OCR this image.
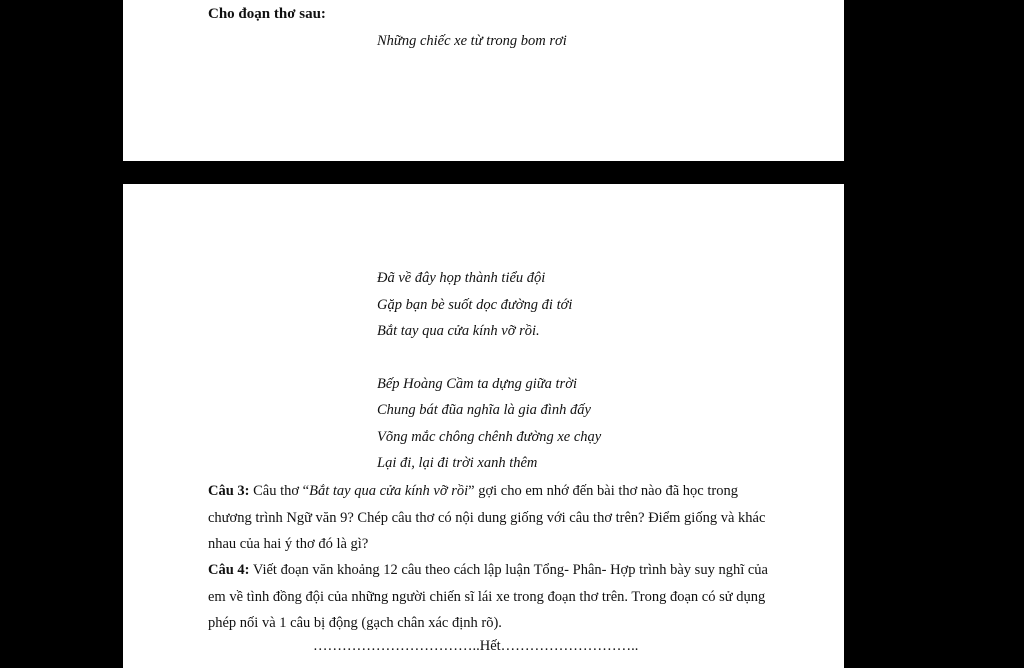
Cho đoạn thơ sau:

Những chiếc xe từ trong bom rơi

Đã về đây họp thành tiểu đội

Gặp bạn bè suốt dọc đường đi tới

Bắt tay qua cửa kính vỡ rồi.

Bếp Hoàng Cầm ta dựng giữa trời

Chung bát đũa nghĩa là gia đình đấy

Võng mắc chông chênh đường xe chạy

Lại đi, lại đi trời xanh thêm

Câu 3: Câu thơ “Bắt tay qua cửa kính vỡ rồi” gợi cho em nhớ đến bài thơ nào đã học trong chương trình Ngữ văn 9? Chép câu thơ có nội dung giống với câu thơ trên? Điểm giống và khác nhau của hai ý thơ đó là gì?

Câu 4: Viết đoạn văn khoảng 12 câu theo cách lập luận Tổng- Phân- Hợp trình bày suy nghĩ của em về tình đồng đội của những người chiến sĩ lái xe trong đoạn thơ trên. Trong đoạn có sử dụng phép nối và 1 câu bị động (gạch chân xác định rõ).

……………………………..Hết………………………..
